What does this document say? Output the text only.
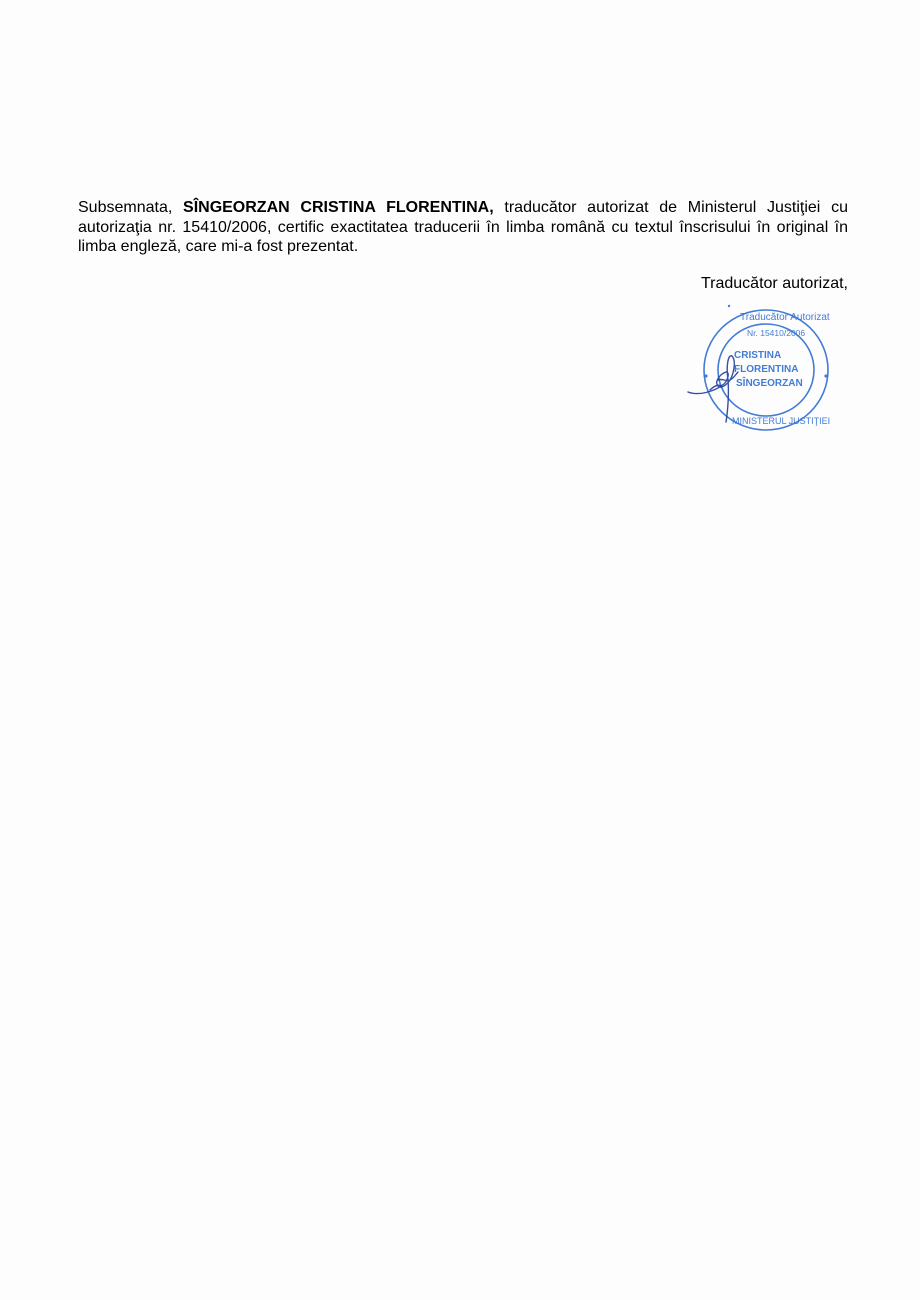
Subsemnata, SÎNGEORZAN CRISTINA FLORENTINA, traducător autorizat de Ministerul Justiţiei cu autorizaţia nr. 15410/2006, certific exactitatea traducerii în limba română cu textul înscrisului în original în limba engleză, care mi-a fost prezentat.

Traducător autorizat,

CRISTINA
FLORENTINA
SÎNGEORZAN
Nr. 15410/2006
Traducător Autorizat
MINISTERUL JUSTIŢIEI
